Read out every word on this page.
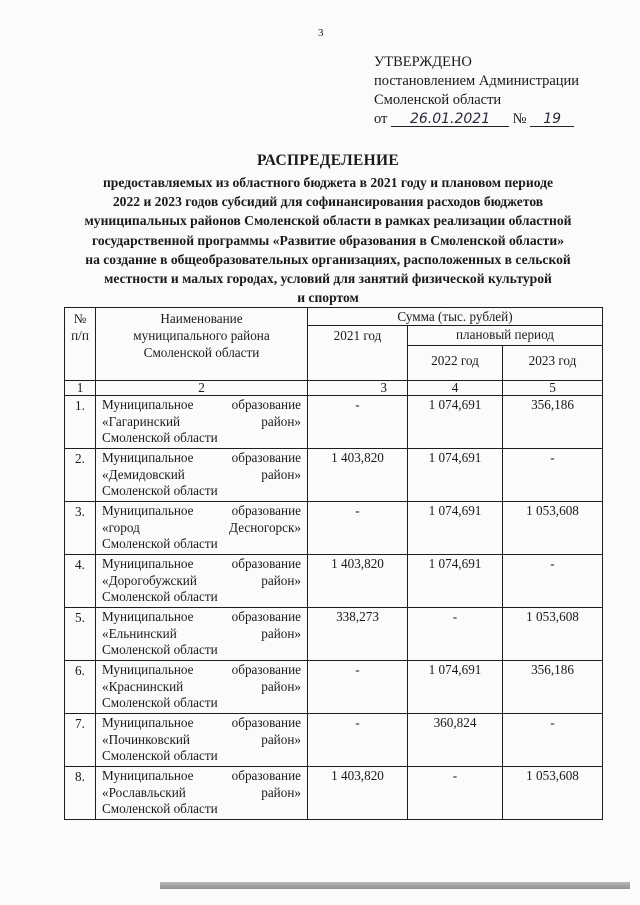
3
УТВЕРЖДЕНО
постановлением Администрации
Смоленской области
от 26.01.2021 № 19
РАСПРЕДЕЛЕНИЕ
предоставляемых из областного бюджета в 2021 году и плановом периоде
2022 и 2023 годов субсидий для софинансирования расходов бюджетов
муниципальных районов Смоленской области в рамках реализации областной
государственной программы «Развитие образования в Смоленской области»
на создание в общеобразовательных организациях, расположенных в сельской
местности и малых городах, условий для занятий физической культурой
и спортом
№
п/п	Наименование
муниципального района
Смоленской области	Сумма (тыс. рублей)		
		2021 год	плановый период	
			2022 год	2023 год
1	2	3	4	5
1.	Муниципальное образование
«Гагаринский район»
Смоленской области	-	1 074,691	356,186
2.	Муниципальное образование
«Демидовский район»
Смоленской области	1 403,820	1 074,691	-
3.	Муниципальное образование
«город Десногорск»
Смоленской области	-	1 074,691	1 053,608
4.	Муниципальное образование
«Дорогобужский район»
Смоленской области	1 403,820	1 074,691	-
5.	Муниципальное образование
«Ельнинский район»
Смоленской области	338,273	-	1 053,608
6.	Муниципальное образование
«Краснинский район»
Смоленской области	-	1 074,691	356,186
7.	Муниципальное образование
«Починковский район»
Смоленской области	-	360,824	-
8.	Муниципальное образование
«Рославльский район»
Смоленской области	1 403,820	-	1 053,608
